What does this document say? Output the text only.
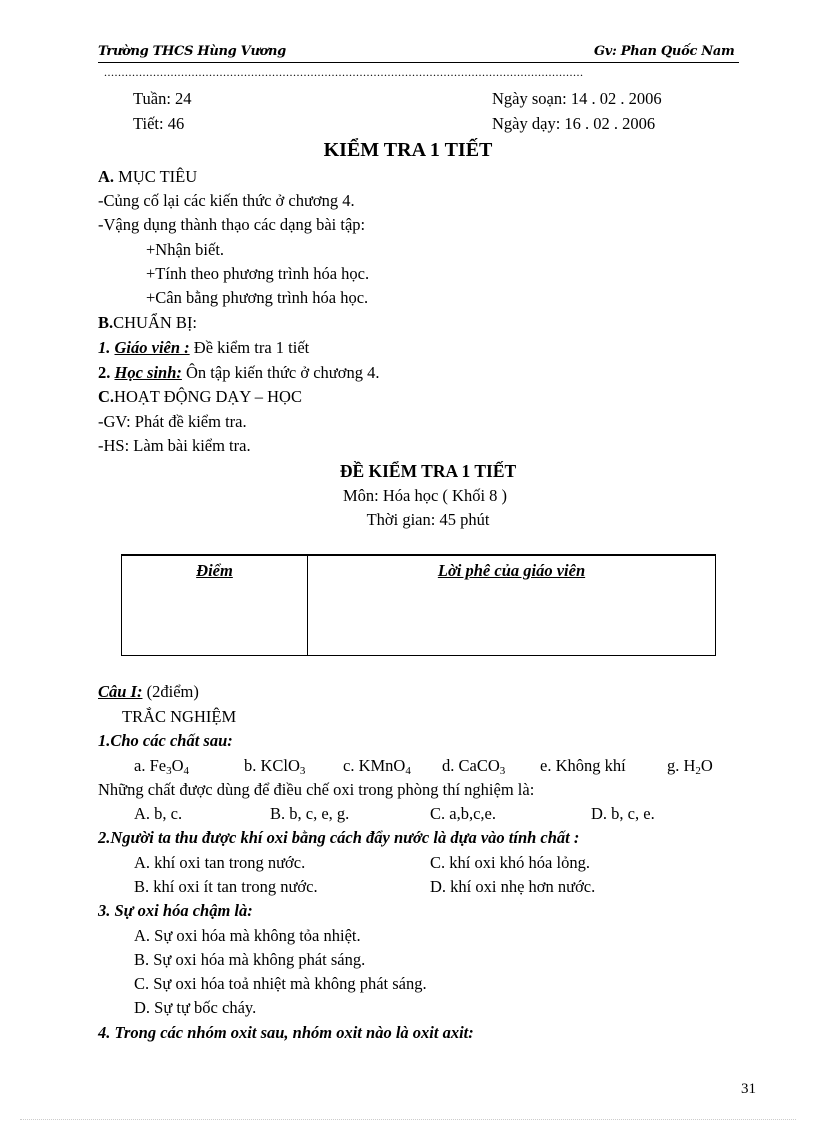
Trường THCS Hùng Vương	Gv: Phan Quốc Nam
.........................................................................................................................................
Tuần: 24
Tiết: 46
Ngày soạn: 14 . 02 . 2006
Ngày dạy: 16 . 02 . 2006
KIỂM TRA 1 TIẾT
A. MỤC TIÊU
-Củng cố lại các kiến thức ở chương 4.
-Vậng dụng thành thạo các dạng bài tập:
+Nhận biết.
+Tính theo phương trình hóa học.
+Cân bằng phương trình hóa học.
B.CHUẨN BỊ:
1. Giáo viên : Đề kiểm tra 1 tiết
2. Học sinh: Ôn tập kiến thức ở chương 4.
C.HOẠT ĐỘNG DẠY – HỌC
-GV: Phát đề kiểm tra.
-HS: Làm bài kiểm tra.
ĐỀ KIỂM TRA 1 TIẾT
Môn: Hóa học ( Khối 8 )
Thời gian: 45 phút
Điểm	Lời phê của giáo viên
Câu I: (2điểm)
TRẮC NGHIỆM
1.Cho các chất sau:
a. $Fe_3O_4$	b. KClO$_3$ c. KMnO$_4$ d. CaCO$_3$ e. Không khí	g. $H_2O$
Những chất được dùng để điều chế oxi trong phòng thí nghiệm là:
A. b, c.	B. b, c, e, g.	C. a,b,c,e.	D. b, c, e.
2.Người ta thu được khí oxi bằng cách đẩy nước là dựa vào tính chất :
A. khí oxi tan trong nước.	C. khí oxi khó hóa lỏng.
B. khí oxi ít tan trong nước.	D. khí oxi nhẹ hơn nước.
3. Sự oxi hóa chậm là:
A. Sự oxi hóa mà không tỏa nhiệt.
B. Sự oxi hóa mà không phát sáng.
C. Sự oxi hóa toả nhiệt mà không phát sáng.
D. Sự tự bốc cháy.
4. Trong các nhóm oxit sau, nhóm oxit nào là oxit axit:
31
